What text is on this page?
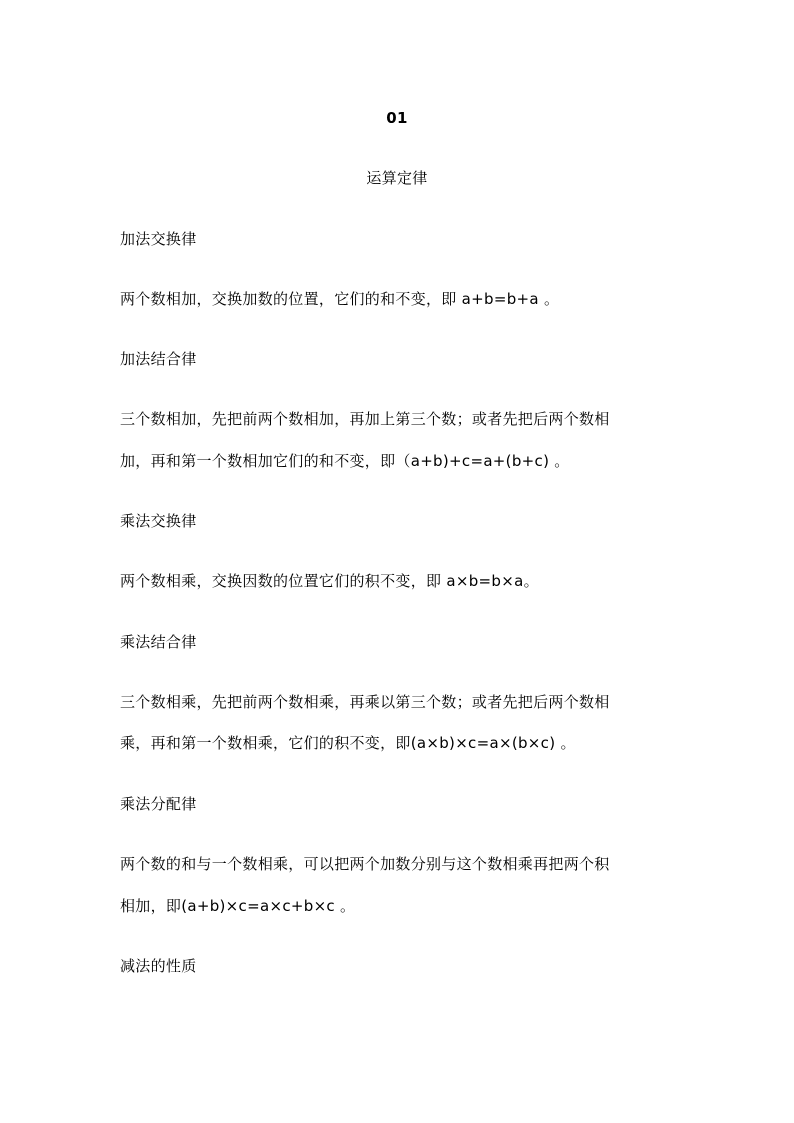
01
运算定律
加法交换律
两个数相加，交换加数的位置，它们的和不变，即 a+b=b+a 。
加法结合律
三个数相加，先把前两个数相加，再加上第三个数；或者先把后两个数相
加，再和第一个数相加它们的和不变，即（a+b)+c=a+(b+c) 。
乘法交换律
两个数相乘，交换因数的位置它们的积不变，即 a×b=b×a。
乘法结合律
三个数相乘，先把前两个数相乘，再乘以第三个数；或者先把后两个数相
乘，再和第一个数相乘，它们的积不变，即(a×b)×c=a×(b×c) 。
乘法分配律
两个数的和与一个数相乘，可以把两个加数分别与这个数相乘再把两个积
相加，即(a+b)×c=a×c+b×c 。
减法的性质
